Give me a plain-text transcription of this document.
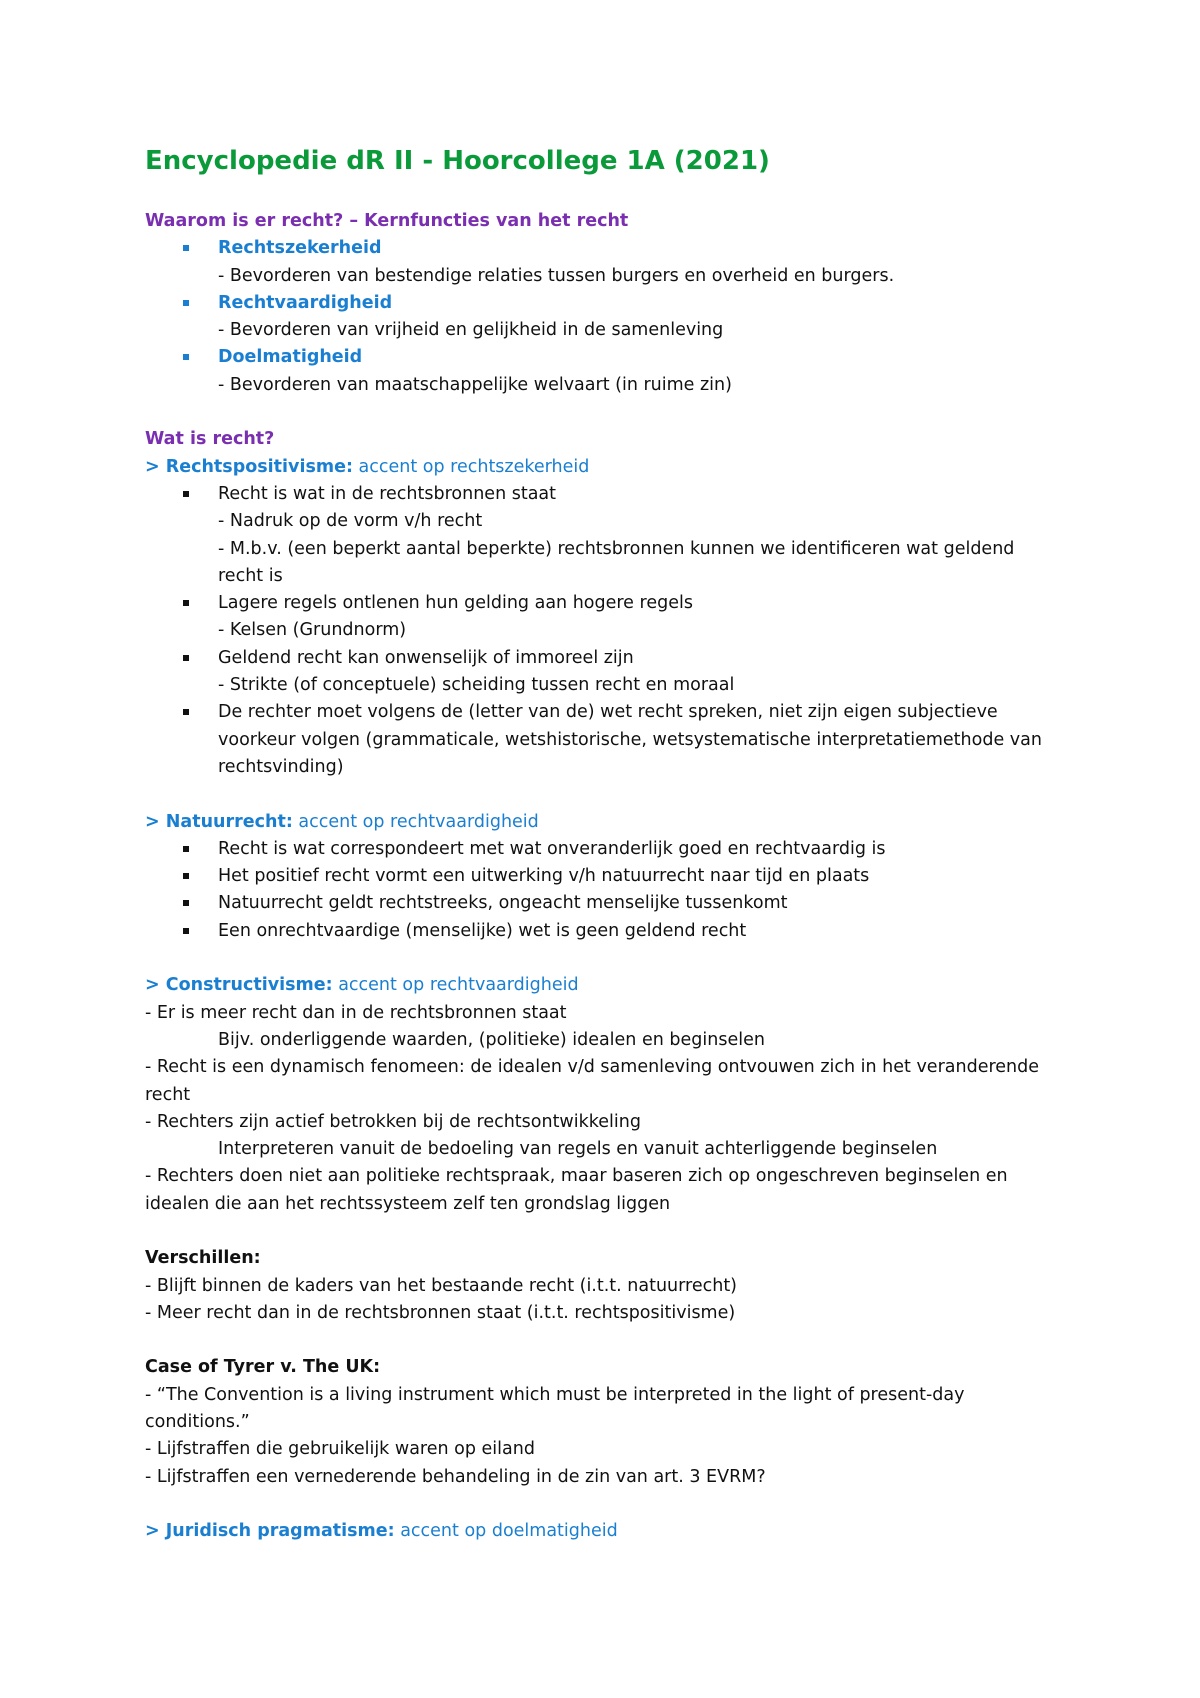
Encyclopedie dR II - Hoorcollege 1A (2021)
Waarom is er recht? – Kernfuncties van het recht
Rechtszekerheid
- Bevorderen van bestendige relaties tussen burgers en overheid en burgers.
Rechtvaardigheid
- Bevorderen van vrijheid en gelijkheid in de samenleving
Doelmatigheid
- Bevorderen van maatschappelijke welvaart (in ruime zin)
Wat is recht?
> Rechtspositivisme: accent op rechtszekerheid
Recht is wat in de rechtsbronnen staat
- Nadruk op de vorm v/h recht
- M.b.v. (een beperkt aantal beperkte) rechtsbronnen kunnen we identificeren wat geldend
recht is
Lagere regels ontlenen hun gelding aan hogere regels
- Kelsen (Grundnorm)
Geldend recht kan onwenselijk of immoreel zijn
- Strikte (of conceptuele) scheiding tussen recht en moraal
De rechter moet volgens de (letter van de) wet recht spreken, niet zijn eigen subjectieve
voorkeur volgen (grammaticale, wetshistorische, wetsystematische interpretatiemethode van
rechtsvinding)
> Natuurrecht: accent op rechtvaardigheid
Recht is wat correspondeert met wat onveranderlijk goed en rechtvaardig is
Het positief recht vormt een uitwerking v/h natuurrecht naar tijd en plaats
Natuurrecht geldt rechtstreeks, ongeacht menselijke tussenkomt
Een onrechtvaardige (menselijke) wet is geen geldend recht
> Constructivisme: accent op rechtvaardigheid
- Er is meer recht dan in de rechtsbronnen staat
Bijv. onderliggende waarden, (politieke) idealen en beginselen
- Recht is een dynamisch fenomeen: de idealen v/d samenleving ontvouwen zich in het veranderende
recht
- Rechters zijn actief betrokken bij de rechtsontwikkeling
Interpreteren vanuit de bedoeling van regels en vanuit achterliggende beginselen
- Rechters doen niet aan politieke rechtspraak, maar baseren zich op ongeschreven beginselen en
idealen die aan het rechtssysteem zelf ten grondslag liggen
Verschillen:
- Blijft binnen de kaders van het bestaande recht (i.t.t. natuurrecht)
- Meer recht dan in de rechtsbronnen staat (i.t.t. rechtspositivisme)
Case of Tyrer v. The UK:
- “The Convention is a living instrument which must be interpreted in the light of present-day
conditions.”
- Lijfstraffen die gebruikelijk waren op eiland
- Lijfstraffen een vernederende behandeling in de zin van art. 3 EVRM?
> Juridisch pragmatisme: accent op doelmatigheid
